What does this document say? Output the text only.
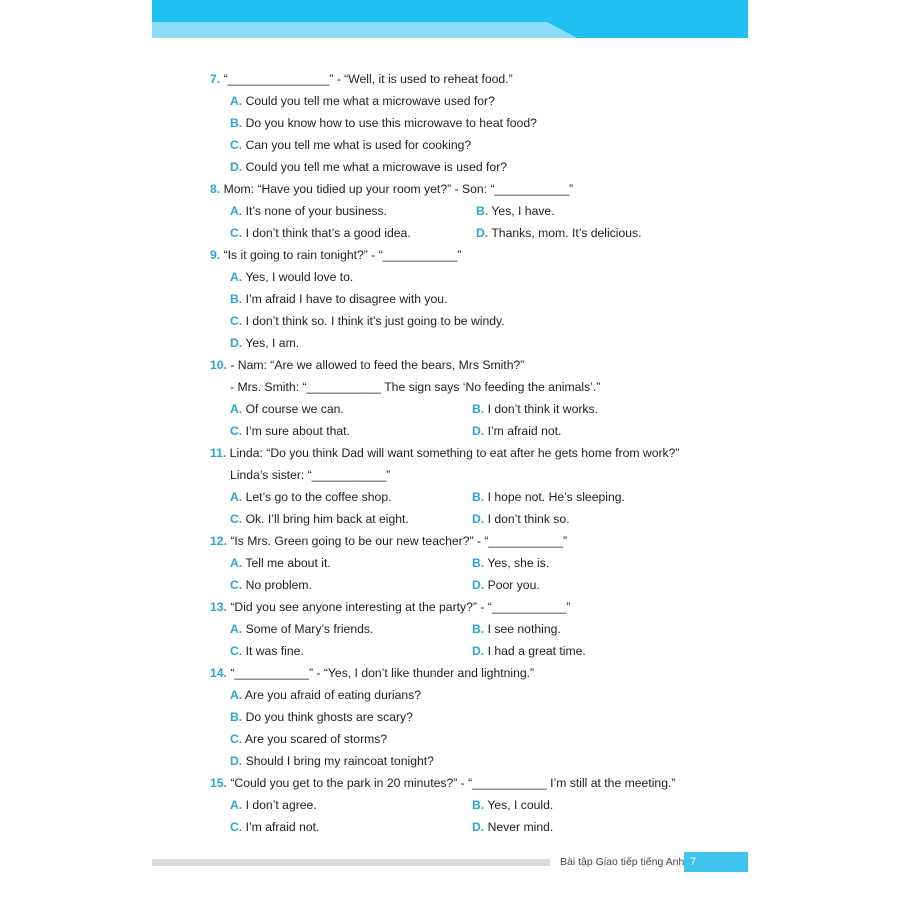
7. “_______________” - “Well, it is used to reheat food.”
A. Could you tell me what a microwave used for?
B. Do you know how to use this microwave to heat food?
C. Can you tell me what is used for cooking?
D. Could you tell me what a microwave is used for?
8. Mom: “Have you tidied up your room yet?” - Son: “___________”
A. It’s none of your business.	B. Yes, I have.
C. I don’t think that’s a good idea.	D. Thanks, mom. It’s delicious.
9. “Is it going to rain tonight?” - “___________”
A. Yes, I would love to.
B. I’m afraid I have to disagree with you.
C. I don’t think so. I think it’s just going to be windy.
D. Yes, I am.
10. - Nam: “Are we allowed to feed the bears, Mrs Smith?”
- Mrs. Smith: “___________ The sign says ‘No feeding the animals’.”
A. Of course we can.	B. I don’t think it works.
C. I’m sure about that.	D. I’m afraid not.
11. Linda: “Do you think Dad will want something to eat after he gets home from work?”
Linda’s sister: “___________”
A. Let’s go to the coffee shop.	B. I hope not. He’s sleeping.
C. Ok. I’ll bring him back at eight.	D. I don’t think so.
12. “Is Mrs. Green going to be our new teacher?” - “___________”
A. Tell me about it.	B. Yes, she is.
C. No problem.	D. Poor you.
13. “Did you see anyone interesting at the party?” - “___________”
A. Some of Mary’s friends.	B. I see nothing.
C. It was fine.	D. I had a great time.
14. “___________” - “Yes, I don’t like thunder and lightning.”
A. Are you afraid of eating durians?
B. Do you think ghosts are scary?
C. Are you scared of storms?
D. Should I bring my raincoat tonight?
15. “Could you get to the park in 20 minutes?” - “___________ I’m still at the meeting.”
A. I don’t agree.	B. Yes, I could.
C. I’m afraid not.	D. Never mind.
Bài tập Giao tiếp tiếng Anh 7
